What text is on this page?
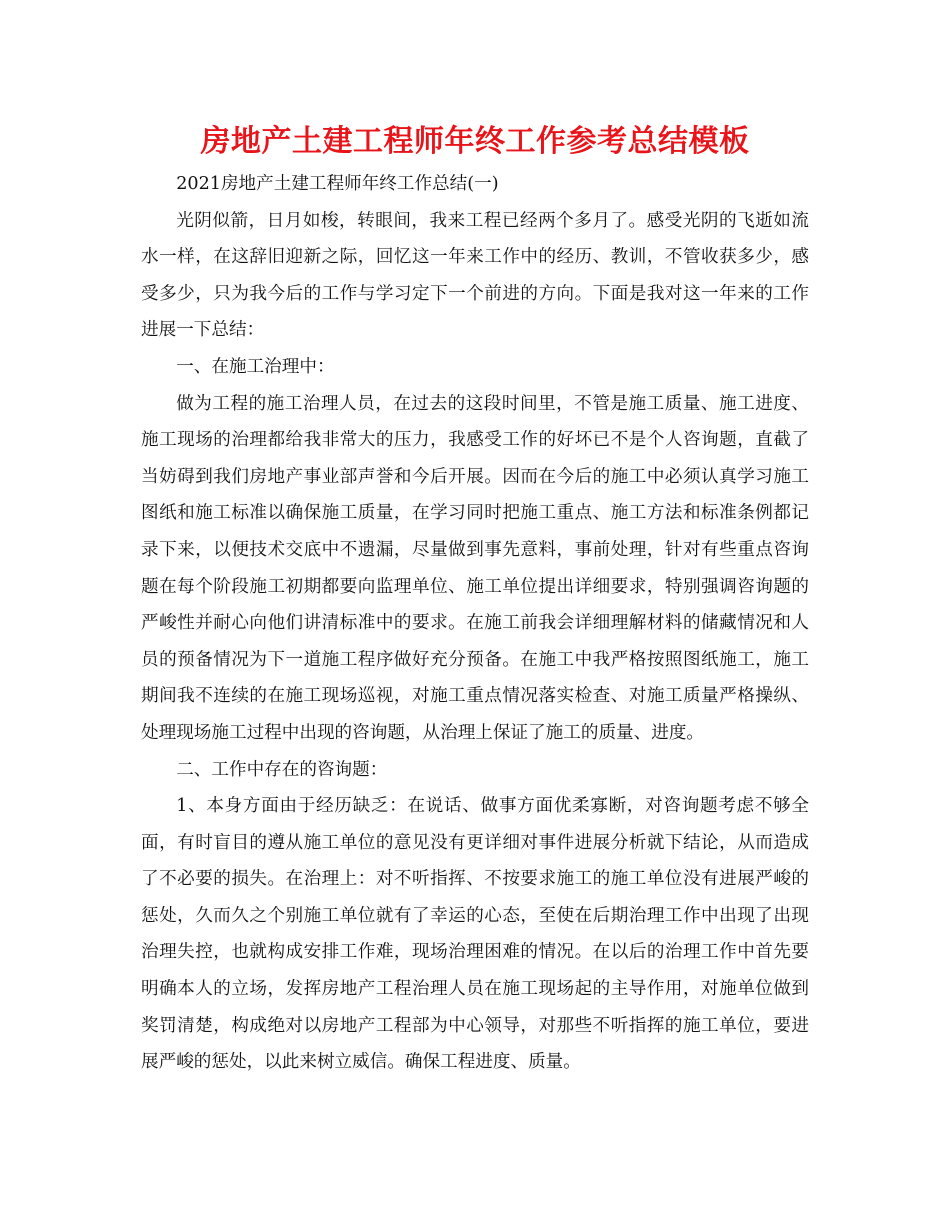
房地产土建工程师年终工作参考总结模板

2021房地产土建工程师年终工作总结(一)

光阴似箭，日月如梭，转眼间，我来工程已经两个多月了。感受光阴的飞逝如流水一样，在这辞旧迎新之际，回忆这一年来工作中的经历、教训，不管收获多少，感受多少，只为我今后的工作与学习定下一个前进的方向。下面是我对这一年来的工作进展一下总结：

一、在施工治理中：

做为工程的施工治理人员，在过去的这段时间里，不管是施工质量、施工进度、施工现场的治理都给我非常大的压力，我感受工作的好坏已不是个人咨询题，直截了当妨碍到我们房地产事业部声誉和今后开展。因而在今后的施工中必须认真学习施工图纸和施工标准以确保施工质量，在学习同时把施工重点、施工方法和标准条例都记录下来，以便技术交底中不遗漏，尽量做到事先意料，事前处理，针对有些重点咨询题在每个阶段施工初期都要向监理单位、施工单位提出详细要求，特别强调咨询题的严峻性并耐心向他们讲清标准中的要求。在施工前我会详细理解材料的储藏情况和人员的预备情况为下一道施工程序做好充分预备。在施工中我严格按照图纸施工，施工期间我不连续的在施工现场巡视，对施工重点情况落实检查、对施工质量严格操纵、处理现场施工过程中出现的咨询题，从治理上保证了施工的质量、进度。

二、工作中存在的咨询题：

1、本身方面由于经历缺乏：在说话、做事方面优柔寡断，对咨询题考虑不够全面，有时盲目的遵从施工单位的意见没有更详细对事件进展分析就下结论，从而造成了不必要的损失。在治理上：对不听指挥、不按要求施工的施工单位没有进展严峻的惩处，久而久之个别施工单位就有了幸运的心态，至使在后期治理工作中出现了出现治理失控，也就构成安排工作难，现场治理困难的情况。在以后的治理工作中首先要明确本人的立场，发挥房地产工程治理人员在施工现场起的主导作用，对施单位做到奖罚清楚，构成绝对以房地产工程部为中心领导，对那些不听指挥的施工单位，要进展严峻的惩处，以此来树立威信。确保工程进度、质量。
